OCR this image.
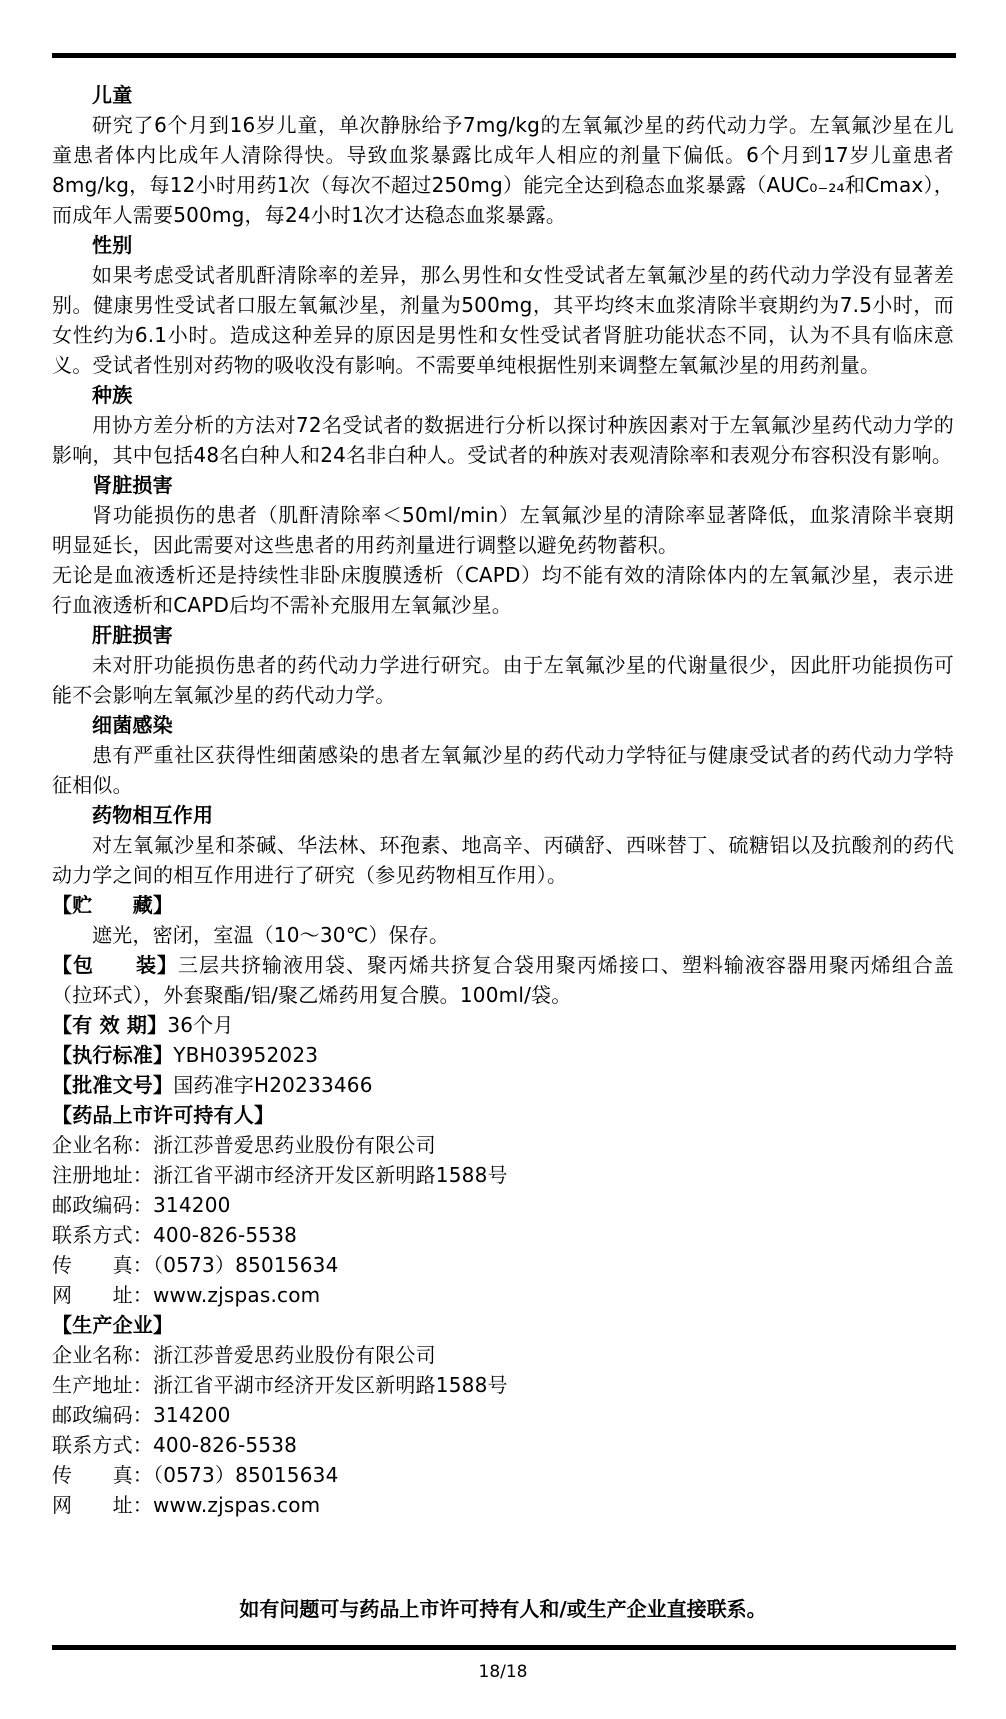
儿童

研究了6个月到16岁儿童，单次静脉给予7mg/kg的左氧氟沙星的药代动力学。左氧氟沙星在儿童患者体内比成年人清除得快。导致血浆暴露比成年人相应的剂量下偏低。6个月到17岁儿童患者8mg/kg，每12小时用药1次（每次不超过250mg）能完全达到稳态血浆暴露（AUC₀₋₂₄和Cmax），而成年人需要500mg，每24小时1次才达稳态血浆暴露。

性别

如果考虑受试者肌酐清除率的差异，那么男性和女性受试者左氧氟沙星的药代动力学没有显著差别。健康男性受试者口服左氧氟沙星，剂量为500mg，其平均终末血浆清除半衰期约为7.5小时，而女性约为6.1小时。造成这种差异的原因是男性和女性受试者肾脏功能状态不同，认为不具有临床意义。受试者性别对药物的吸收没有影响。不需要单纯根据性别来调整左氧氟沙星的用药剂量。

种族

用协方差分析的方法对72名受试者的数据进行分析以探讨种族因素对于左氧氟沙星药代动力学的影响，其中包括48名白种人和24名非白种人。受试者的种族对表观清除率和表观分布容积没有影响。

肾脏损害

肾功能损伤的患者（肌酐清除率＜50ml/min）左氧氟沙星的清除率显著降低，血浆清除半衰期明显延长，因此需要对这些患者的用药剂量进行调整以避免药物蓄积。

无论是血液透析还是持续性非卧床腹膜透析（CAPD）均不能有效的清除体内的左氧氟沙星，表示进行血液透析和CAPD后均不需补充服用左氧氟沙星。

肝脏损害

未对肝功能损伤患者的药代动力学进行研究。由于左氧氟沙星的代谢量很少，因此肝功能损伤可能不会影响左氧氟沙星的药代动力学。

细菌感染

患有严重社区获得性细菌感染的患者左氧氟沙星的药代动力学特征与健康受试者的药代动力学特征相似。

药物相互作用

对左氧氟沙星和茶碱、华法林、环孢素、地高辛、丙磺舒、西咪替丁、硫糖铝以及抗酸剂的药代动力学之间的相互作用进行了研究（参见药物相互作用）。

【贮　　藏】

遮光，密闭，室温（10～30℃）保存。

【包　　装】三层共挤输液用袋、聚丙烯共挤复合袋用聚丙烯接口、塑料输液容器用聚丙烯组合盖（拉环式），外套聚酯/铝/聚乙烯药用复合膜。100ml/袋。

【有 效 期】36个月

【执行标准】YBH03952023

【批准文号】国药准字H20233466

【药品上市许可持有人】

企业名称：浙江莎普爱思药业股份有限公司

注册地址：浙江省平湖市经济开发区新明路1588号

邮政编码：314200

联系方式：400-826-5538

传　　真：（0573）85015634

网　　址：www.zjspas.com

【生产企业】

企业名称：浙江莎普爱思药业股份有限公司

生产地址：浙江省平湖市经济开发区新明路1588号

邮政编码：314200

联系方式：400-826-5538

传　　真：（0573）85015634

网　　址：www.zjspas.com

如有问题可与药品上市许可持有人和/或生产企业直接联系。
18/18
